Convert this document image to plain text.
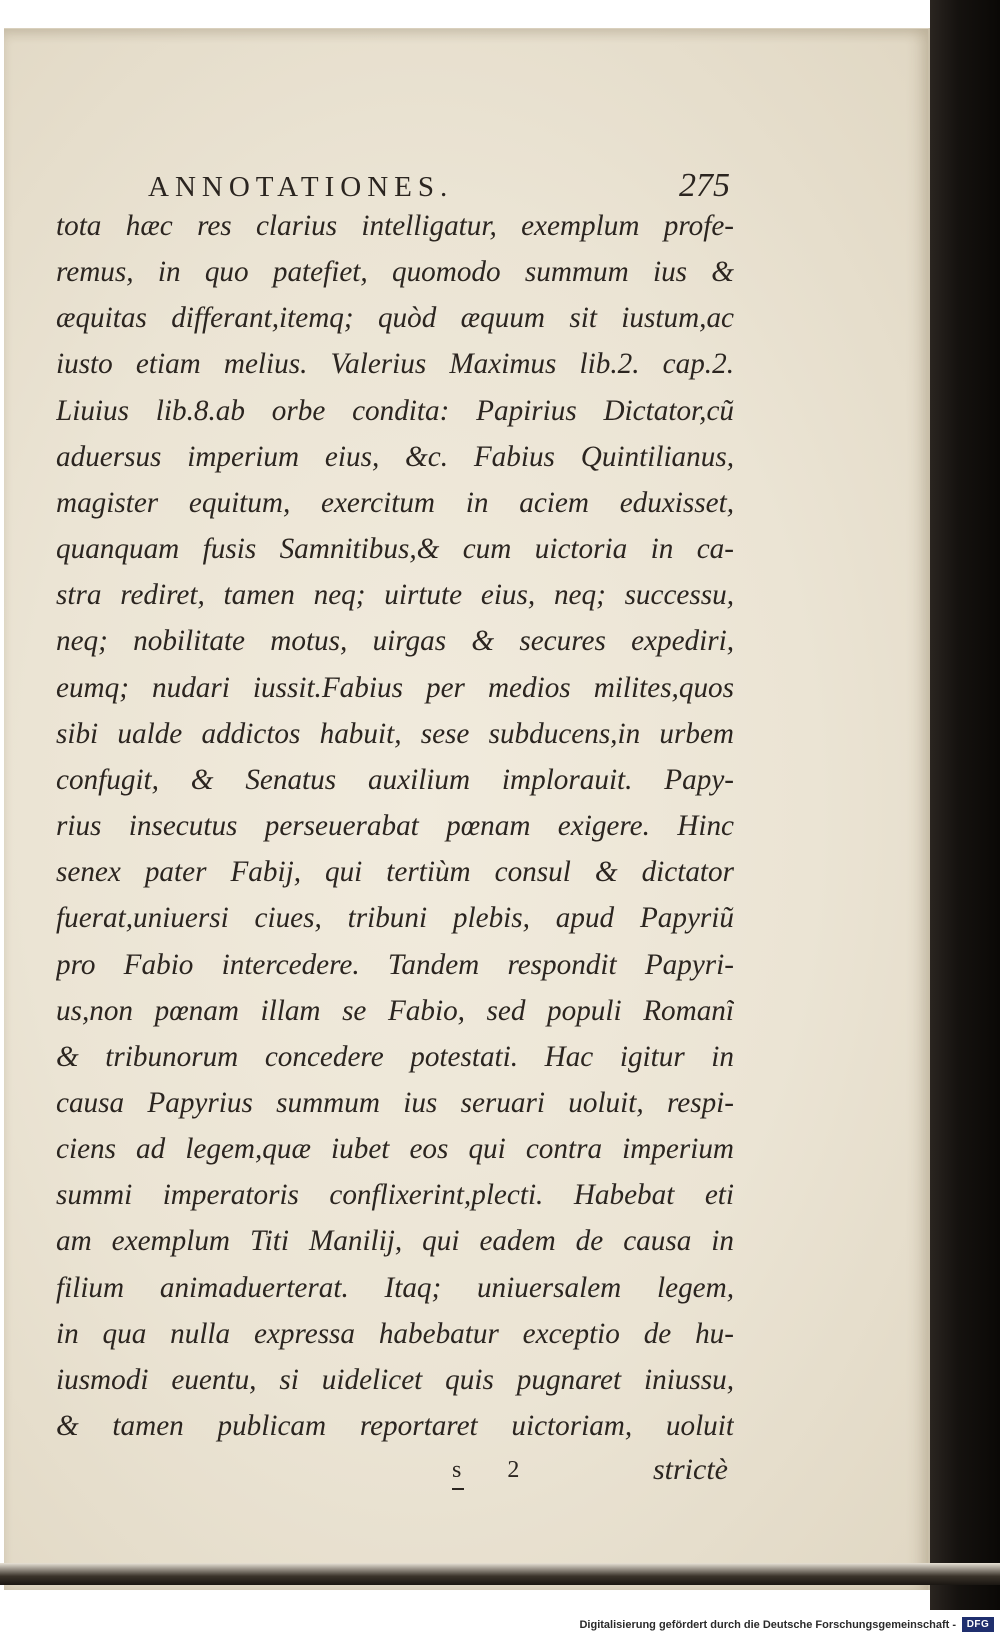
ANNOTATIONES.	275
tota hæc res clarius intelligatur, exemplum profe-
remus, in quo patefiet, quomodo summum ius &
æquitas differant,itemq; quòd æquum sit iustum,ac
iusto etiam melius. Valerius Maximus lib.2. cap.2.
Liuius lib.8.ab orbe condita: Papirius Dictator,cũ
aduersus imperium eius, &c. Fabius Quintilianus,
magister equitum, exercitum in aciem eduxisset,
quanquam fusis Samnitibus,& cum uictoria in ca-
stra rediret, tamen neq; uirtute eius, neq; successu,
neq; nobilitate motus, uirgas & secures expediri,
eumq; nudari iussit.Fabius per medios milites,quos
sibi ualde addictos habuit, sese subducens,in urbem
confugit, & Senatus auxilium implorauit. Papy-
rius insecutus perseuerabat pœnam exigere. Hinc
senex pater Fabij, qui tertiùm consul & dictator
fuerat,uniuersi ciues, tribuni plebis, apud Papyriũ
pro Fabio intercedere. Tandem respondit Papyri-
us,non pœnam illam se Fabio, sed populi Romanĩ
& tribunorum concedere potestati. Hac igitur in
causa Papyrius summum ius seruari uoluit, respi-
ciens ad legem,quæ iubet eos qui contra imperium
summi imperatoris conflixerint,plecti. Habebat eti
am exemplum Titi Manilij, qui eadem de causa in
filium animaduerterat. Itaq; uniuersalem legem,
in qua nulla expressa habebatur exceptio de hu-
iusmodi euentu, si uidelicet quis pugnaret iniussu,
& tamen publicam reportaret uictoriam, uoluit
s 2	strictè
Digitalisierung gefördert durch die Deutsche Forschungsgemeinschaft -	DFG
